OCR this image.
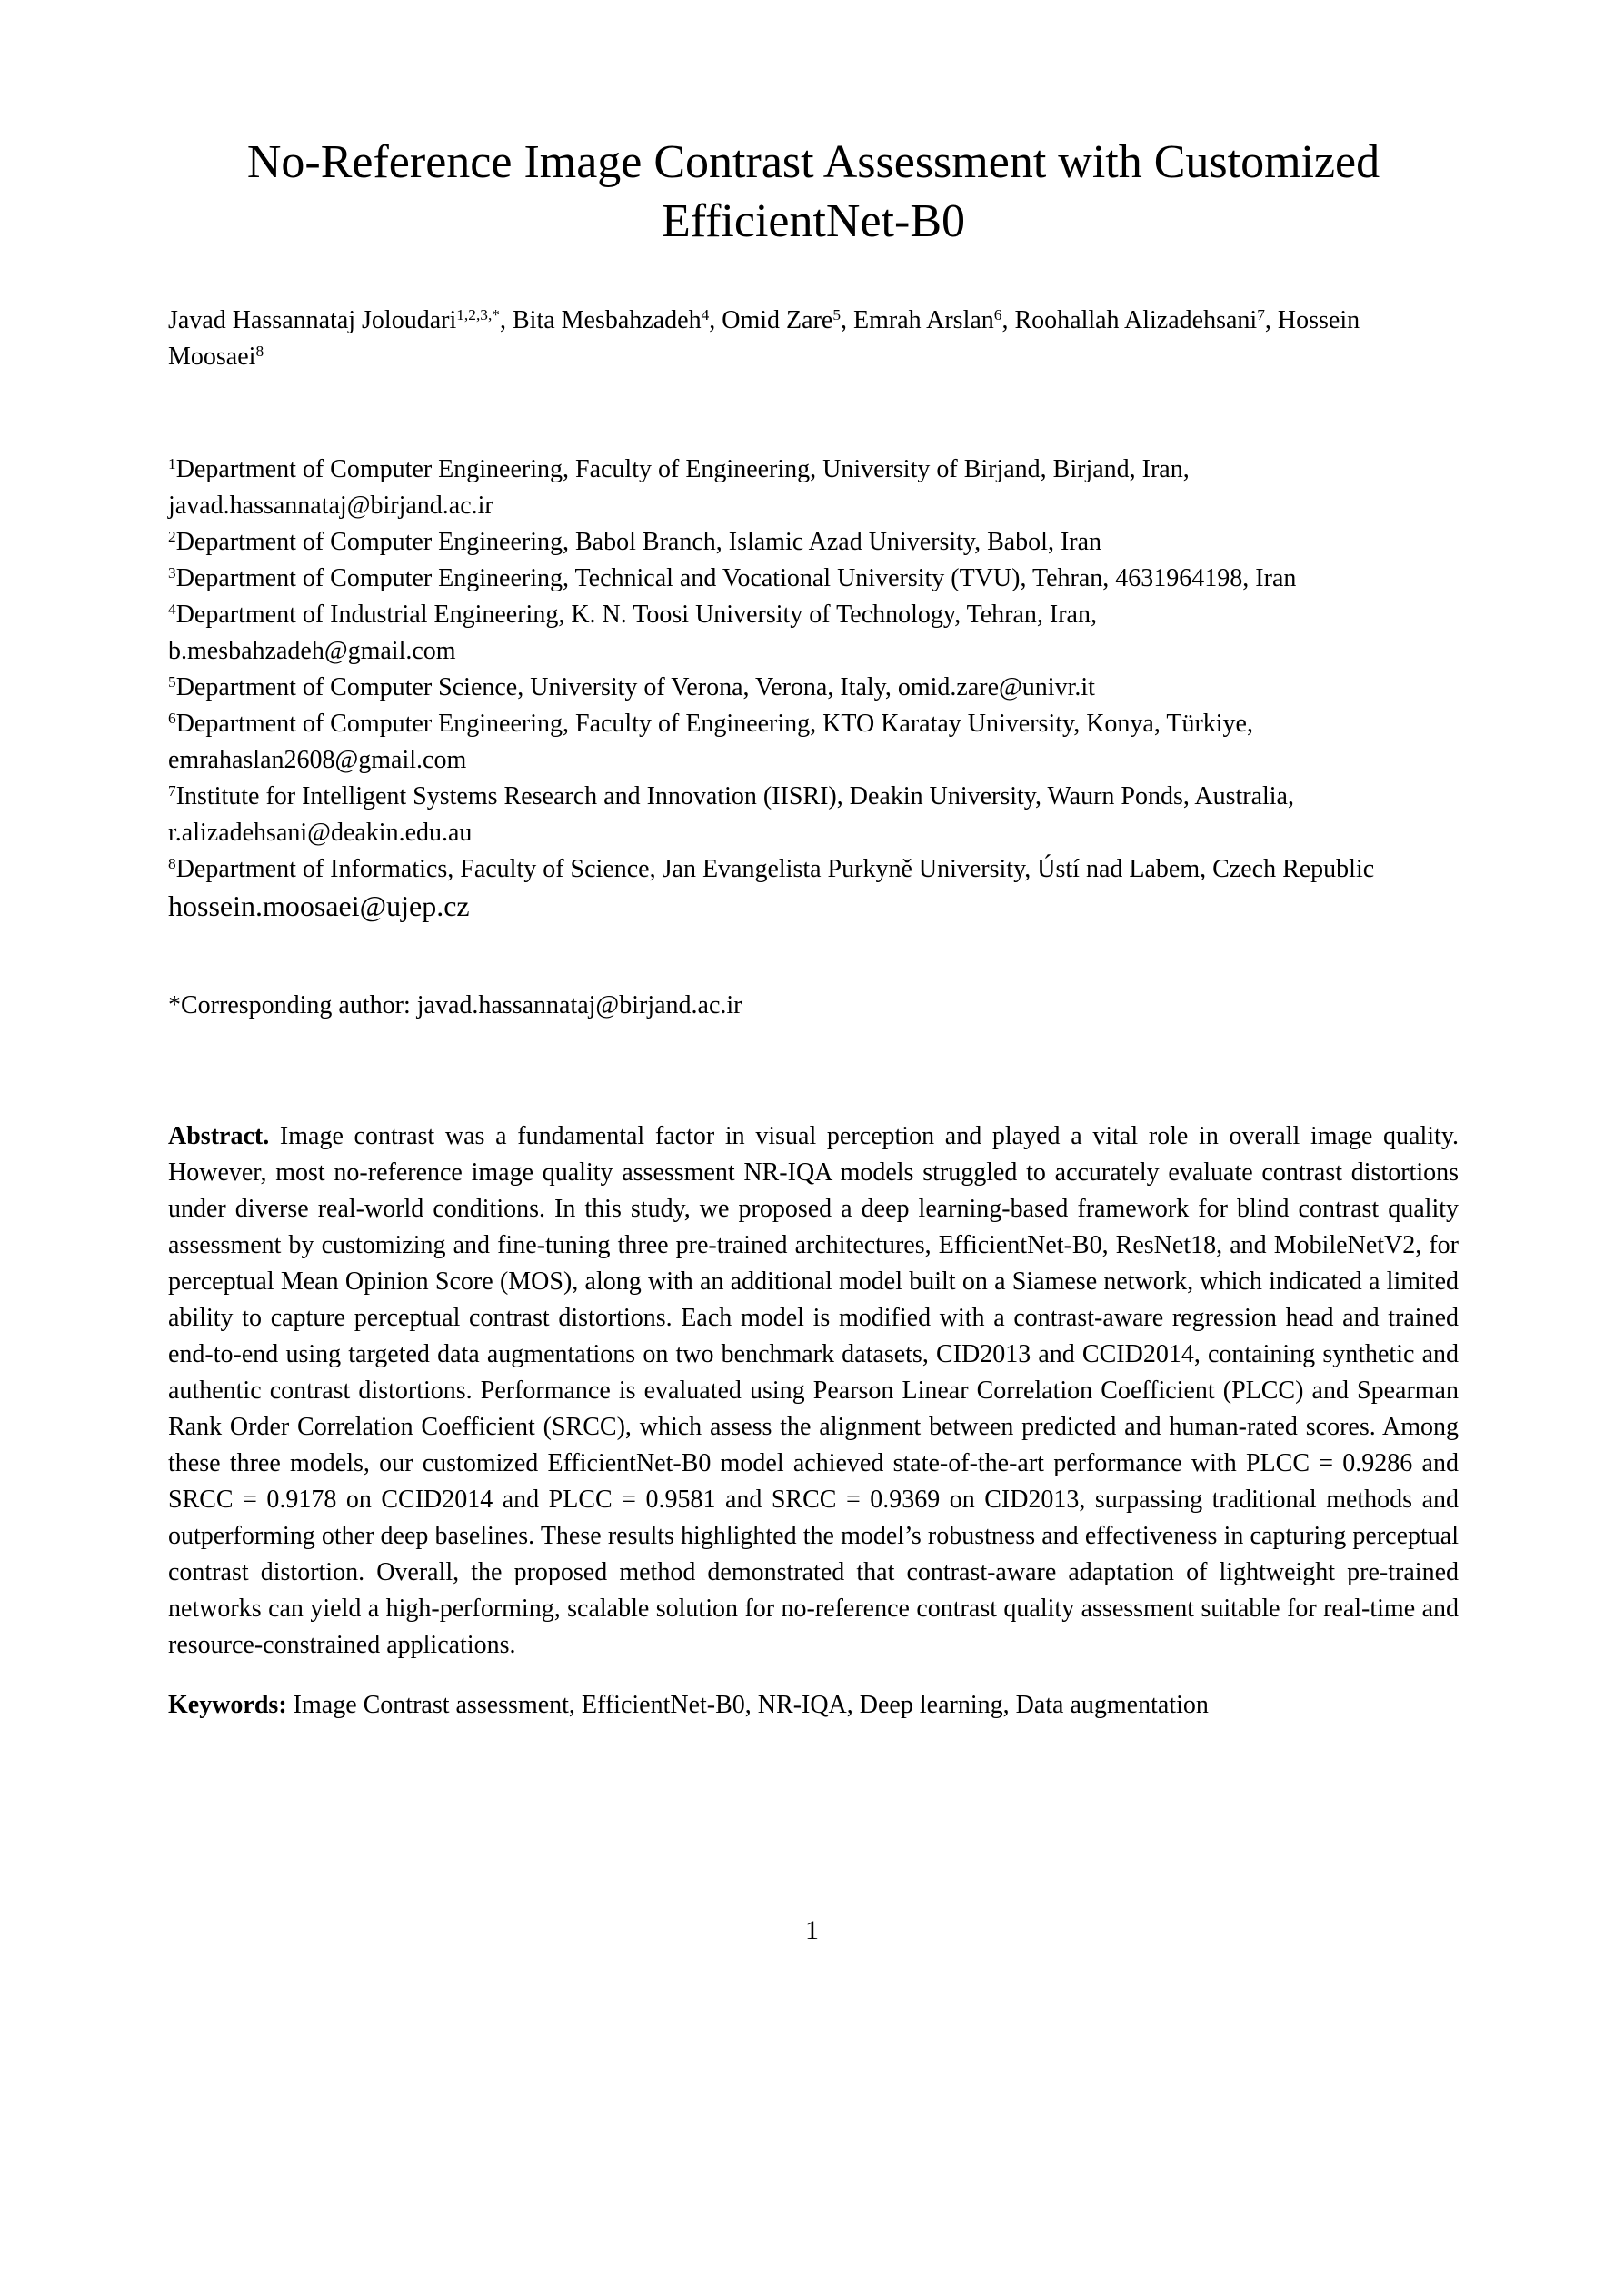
No-Reference Image Contrast Assessment with Customized EfficientNet-B0

Javad Hassannataj Joloudari$^{1,2,3,*}$, Bita Mesbahzadeh$^4$, Omid Zare$^5$, Emrah Arslan$^6$, Roohallah Alizadehsani$^7$, Hossein Moosaei$^8$

$^1$Department of Computer Engineering, Faculty of Engineering, University of Birjand, Birjand, Iran,
javad.hassannataj@birjand.ac.ir
$^2$Department of Computer Engineering, Babol Branch, Islamic Azad University, Babol, Iran
$^3$Department of Computer Engineering, Technical and Vocational University (TVU), Tehran, 4631964198, Iran
$^4$Department of Industrial Engineering, K. N. Toosi University of Technology, Tehran, Iran,
b.mesbahzadeh@gmail.com
$^5$Department of Computer Science, University of Verona, Verona, Italy, omid.zare@univr.it
$^6$Department of Computer Engineering, Faculty of Engineering, KTO Karatay University, Konya, Türkiye,
emrahaslan2608@gmail.com
$^7$Institute for Intelligent Systems Research and Innovation (IISRI), Deakin University, Waurn Ponds, Australia,
r.alizadehsani@deakin.edu.au
$^8$Department of Informatics, Faculty of Science, Jan Evangelista Purkyně University, Ústí nad Labem, Czech Republic
hossein.moosaei@ujep.cz

*Corresponding author: javad.hassannataj@birjand.ac.ir

Abstract. Image contrast was a fundamental factor in visual perception and played a vital role in overall image quality. However, most no-reference image quality assessment NR-IQA models struggled to accurately evaluate contrast distortions under diverse real-world conditions. In this study, we proposed a deep learning-based framework for blind contrast quality assessment by customizing and fine-tuning three pre-trained architectures, EfficientNet-B0, ResNet18, and MobileNetV2, for perceptual Mean Opinion Score (MOS), along with an additional model built on a Siamese network, which indicated a limited ability to capture perceptual contrast distortions. Each model is modified with a contrast-aware regression head and trained end-to-end using targeted data augmentations on two benchmark datasets, CID2013 and CCID2014, containing synthetic and authentic contrast distortions. Performance is evaluated using Pearson Linear Correlation Coefficient (PLCC) and Spearman Rank Order Correlation Coefficient (SRCC), which assess the alignment between predicted and human-rated scores. Among these three models, our customized EfficientNet-B0 model achieved state-of-the-art performance with PLCC = 0.9286 and SRCC = 0.9178 on CCID2014 and PLCC = 0.9581 and SRCC = 0.9369 on CID2013, surpassing traditional methods and outperforming other deep baselines. These results highlighted the model’s robustness and effectiveness in capturing perceptual contrast distortion. Overall, the proposed method demonstrated that contrast-aware adaptation of lightweight pre-trained networks can yield a high-performing, scalable solution for no-reference contrast quality assessment suitable for real-time and resource-constrained applications.

Keywords: Image Contrast assessment, EfficientNet-B0, NR-IQA, Deep learning, Data augmentation

1
